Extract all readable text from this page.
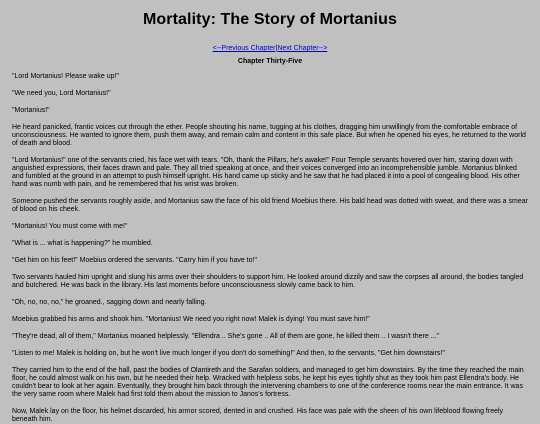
Mortality: The Story of Mortanius
<--Previous Chapter|Next Chapter-->
Chapter Thirty-Five

"Lord Mortanius! Please wake up!"

"We need you, Lord Mortanius!"

"Mortanius!"

He heard panicked, frantic voices cut through the ether. People shouting his name, tugging at his clothes, dragging him unwillingly from the comfortable embrace of unconsciousness. He wanted to ignore them, push them away, and remain calm and content in this safe place. But when he opened his eyes, he returned to the world of death and blood.

"Lord Mortanius!" one of the servants cried, his face wet with tears. "Oh, thank the Pillars, he's awake!" Four Temple servants hovered over him, staring down with anguished expressions, their faces drawn and pale. They all tried speaking at once, and their voices converged into an incomprehensible jumble. Mortanius blinked and fumbled at the ground in an attempt to push himself upright. His hand came up sticky and he saw that he had placed it into a pool of congealing blood. His other hand was numb with pain, and he remembered that his wrist was broken.

Someone pushed the servants roughly aside, and Mortanius saw the face of his old friend Moebius there. His bald head was dotted with sweat, and there was a smear of blood on his cheek.

"Mortanius! You must come with me!"

"What is ... what is happening?" he mumbled.

"Get him on his feet!" Moebius ordered the servants. "Carry him if you have to!"

Two servants hauled him upright and slung his arms over their shoulders to support him. He looked around dizzily and saw the corpses all around, the bodies tangled and butchered. He was back in the library. His last moments before unconsciousness slowly came back to him.

"Oh, no, no, no," he groaned., sagging down and nearly falling.

Moebius grabbed his arms and shook him. "Mortanius! We need you right now! Malek is dying! You must save him!"

"They're dead, all of them," Mortanius moaned helplessly. "Ellendra .. She's gone .. All of them are gone, he killed them .. I wasn't there ..."

"Listen to me! Malek is holding on, but he won't live much longer if you don't do something!" And then, to the servants, "Get him downstairs!"

They carried him to the end of the hall, past the bodies of Olantireth and the Sarafan soldiers, and managed to get him downstairs. By the time they reached the main floor, he could almost walk on his own, but he needed their help. Wracked with helpless sobs, he kept his eyes tightly shut as they took him past Ellendra's body. He couldn't bear to look at her again. Eventually, they brought him back through the intervening chambers to one of the conference rooms near the main entrance. It was the very same room where Malek had first told them about the mission to Janos's fortress.

Now, Malek lay on the floor, his helmet discarded, his armor scored, dented in and crushed. His face was pale with the sheen of his own lifeblood flowing freely beneath him.
